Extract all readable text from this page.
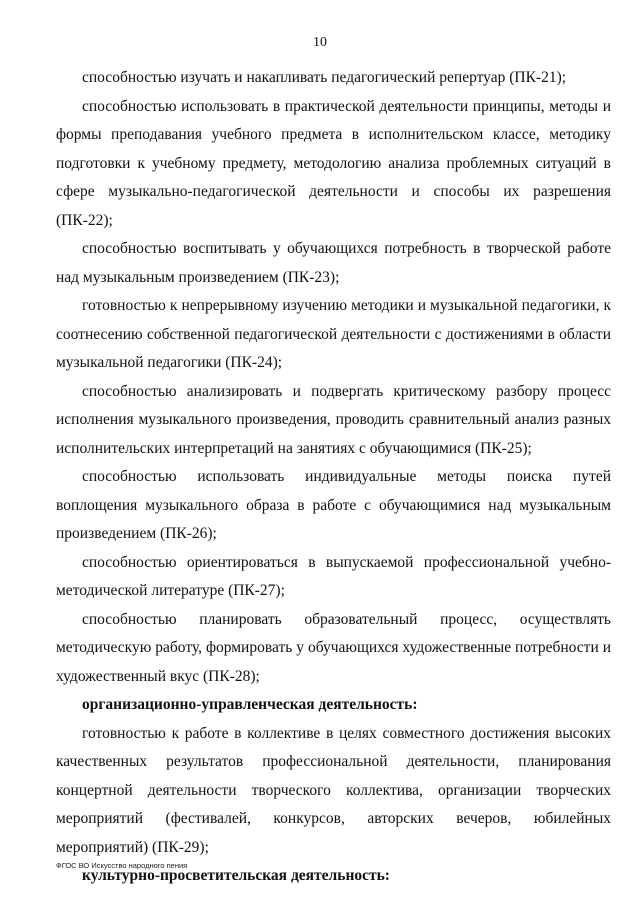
10

способностью изучать и накапливать педагогический репертуар (ПК-21);

способностью использовать в практической деятельности принципы, методы и формы преподавания учебного предмета в исполнительском классе, методику подготовки к учебному предмету, методологию анализа проблемных ситуаций в сфере музыкально-педагогической деятельности и способы их разрешения (ПК-22);

способностью воспитывать у обучающихся потребность в творческой работе над музыкальным произведением (ПК-23);

готовностью к непрерывному изучению методики и музыкальной педагогики, к соотнесению собственной педагогической деятельности с достижениями в области музыкальной педагогики (ПК-24);

способностью анализировать и подвергать критическому разбору процесс исполнения музыкального произведения, проводить сравнительный анализ разных исполнительских интерпретаций на занятиях с обучающимися (ПК-25);

способностью использовать индивидуальные методы поиска путей воплощения музыкального образа в работе с обучающимися над музыкальным произведением (ПК-26);

способностью ориентироваться в выпускаемой профессиональной учебно-методической литературе (ПК-27);

способностью планировать образовательный процесс, осуществлять методическую работу, формировать у обучающихся художественные потребности и художественный вкус (ПК-28);

организационно-управленческая деятельность:

готовностью к работе в коллективе в целях совместного достижения высоких качественных результатов профессиональной деятельности, планирования концертной деятельности творческого коллектива, организации творческих мероприятий (фестивалей, конкурсов, авторских вечеров, юбилейных мероприятий) (ПК-29);

культурно-просветительская деятельность:

ФГОС ВО Искусство народного пения
